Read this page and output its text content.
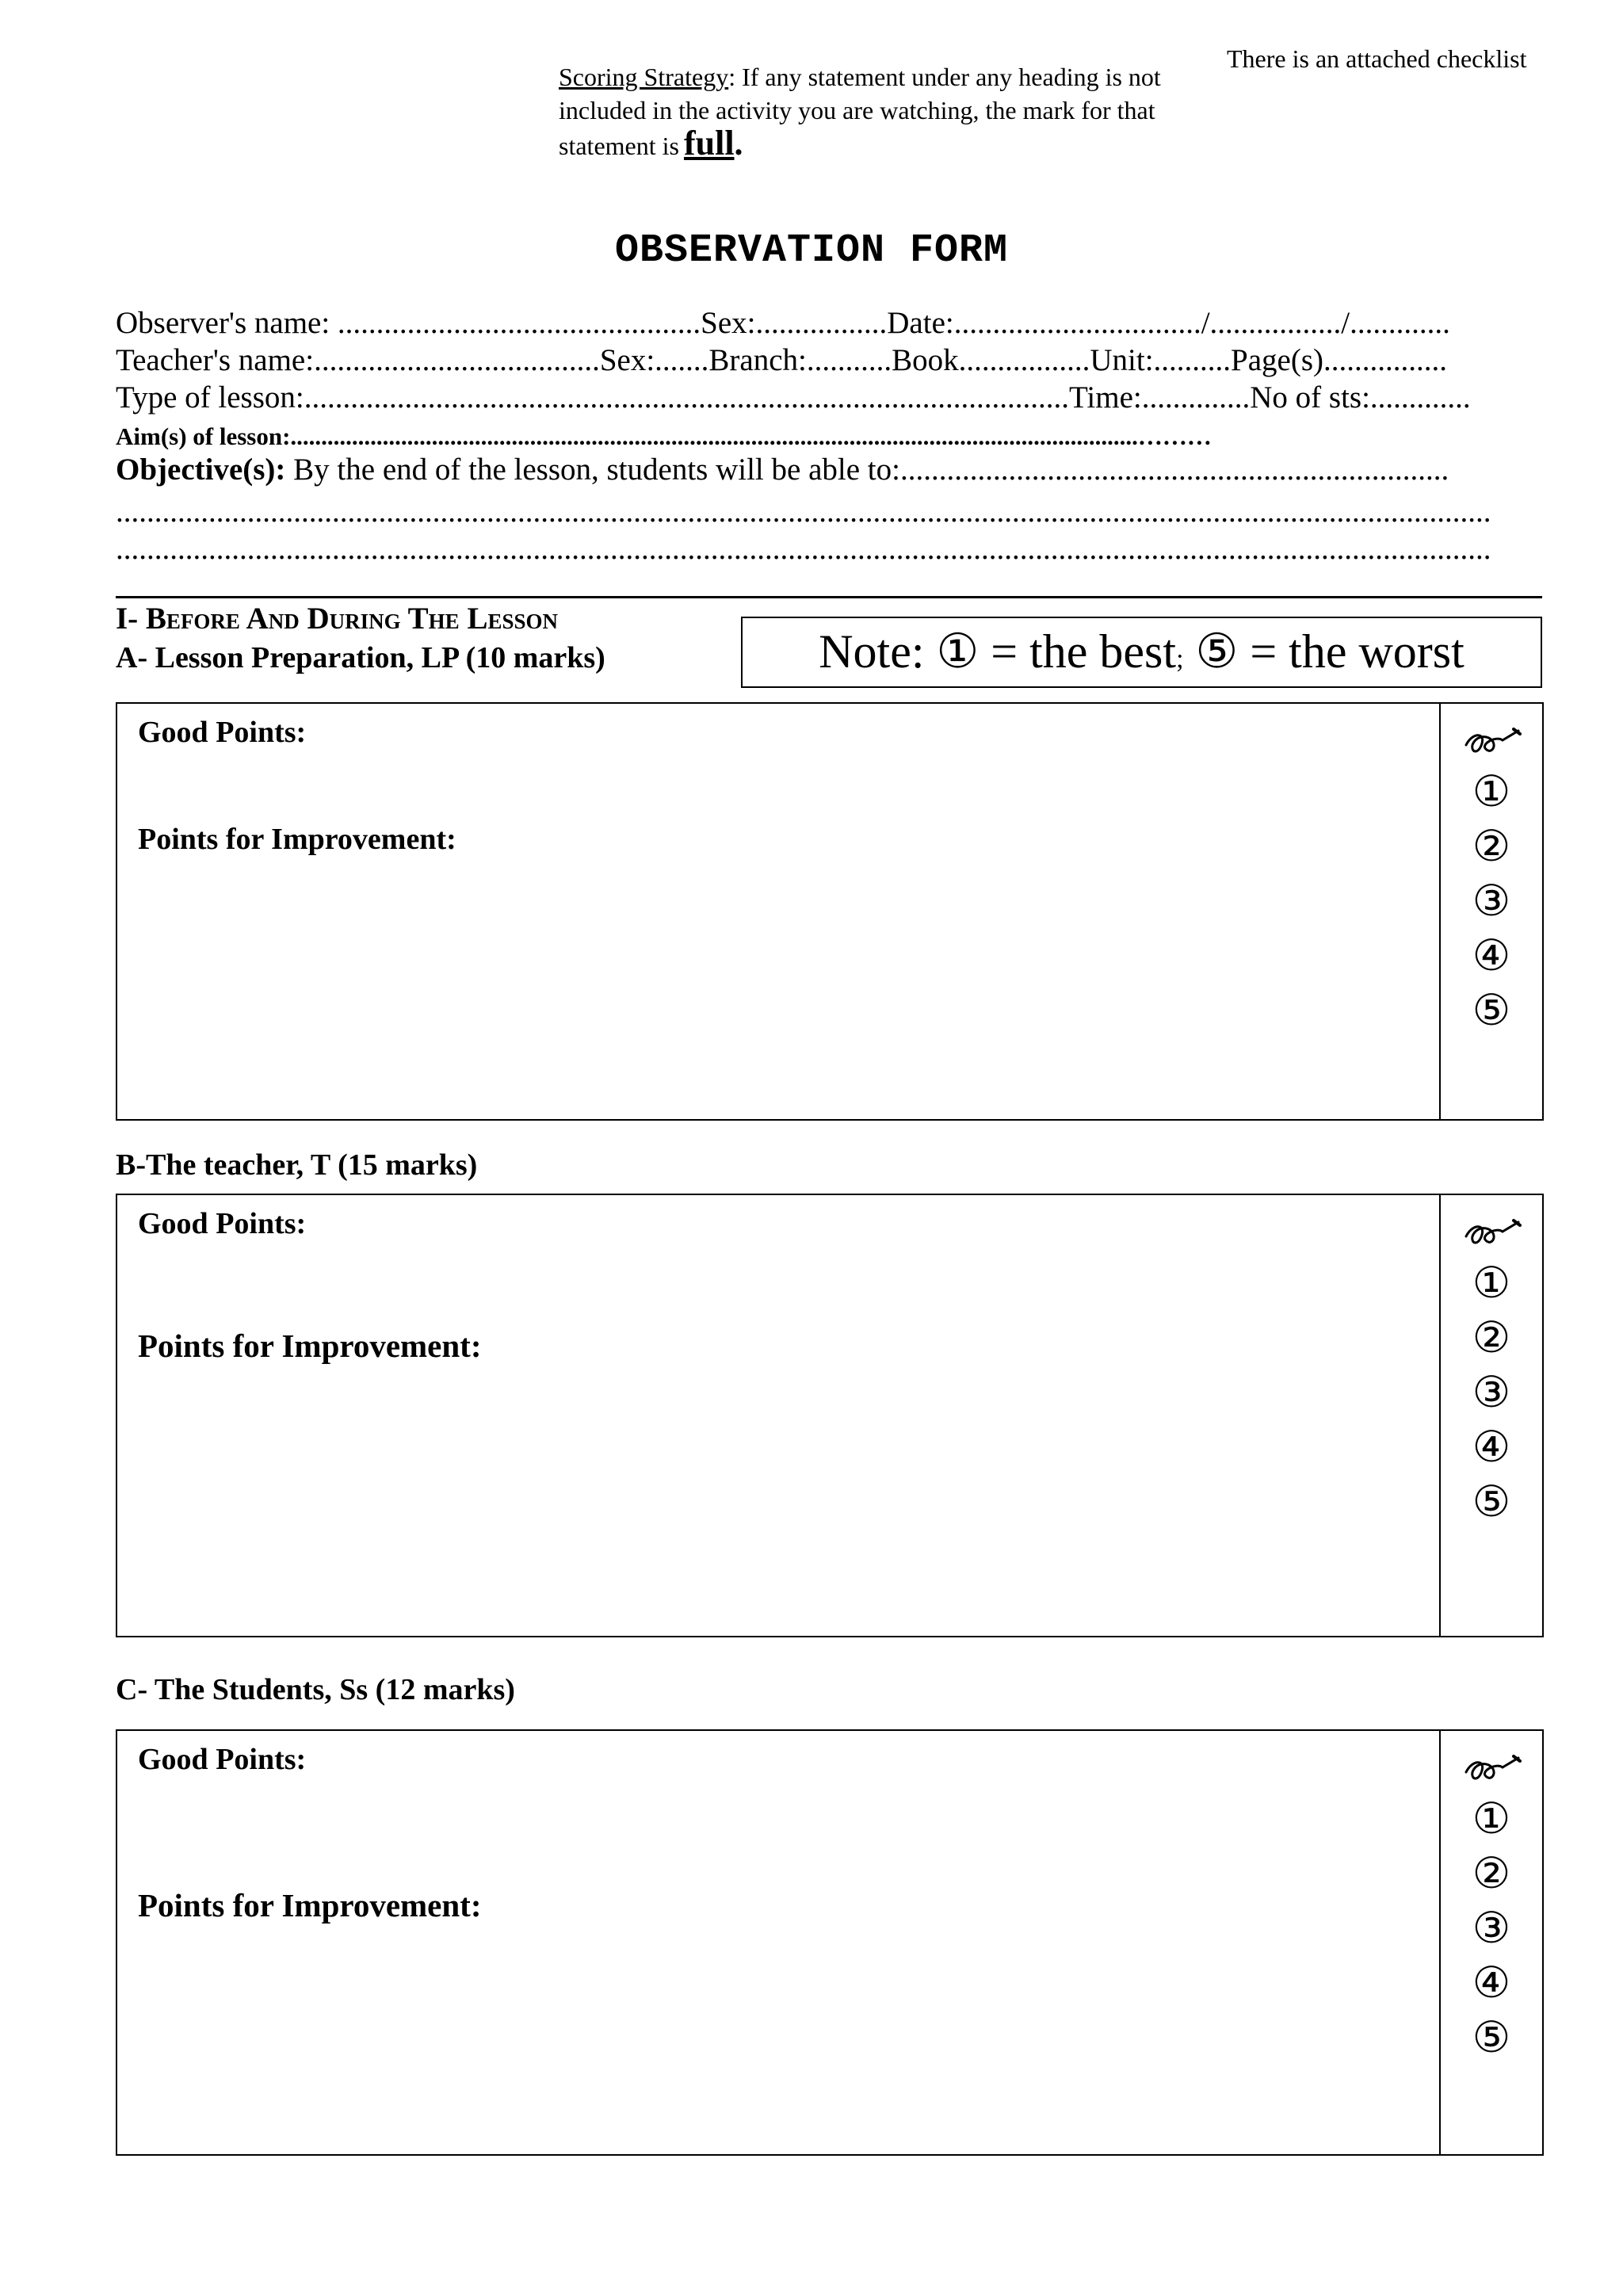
There is an attached checklist
Scoring Strategy: If any statement under any heading is not included in the activity you are watching, the mark for that statement is full.
OBSERVATION FORM
Observer's name: ...............................................Sex:.................Date:................................/................./.............
Teacher's name:.....................................Sex:.......Branch:...........Book.................Unit:..........Page(s)................
Type of lesson:...................................................................................................Time:..............No of sts:.............
Aim(s) of lesson:..........................................................................................................................................………
Objective(s): By the end of the lesson, students will be able to:.......................................................................
..................................................................................................................................................................................
..................................................................................................................................................................................
I- Before And During The Lesson
A- Lesson Preparation, LP (10 marks)	Note: ① = the best; ⑤ = the worst
Good Points:
Points for Improvement:
①
②
③
④
⑤
B-The teacher, T (15 marks)
Good Points:
Points for Improvement:
①
②
③
④
⑤
C- The Students, Ss (12 marks)
Good Points:
Points for Improvement:
①
②
③
④
⑤
